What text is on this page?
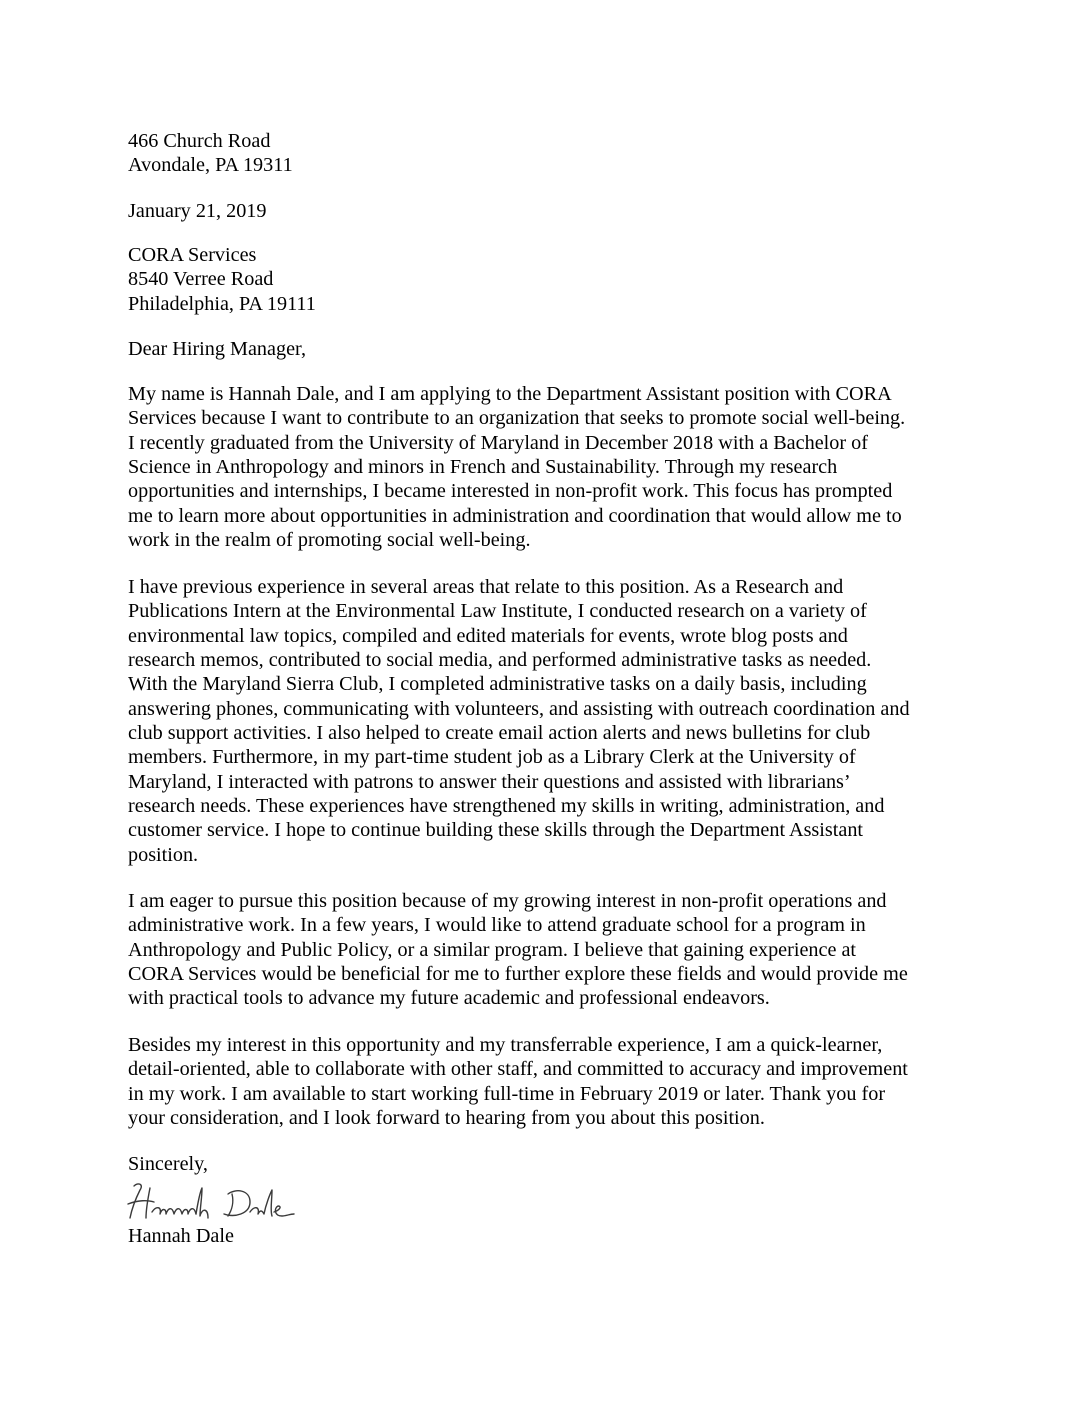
466 Church Road
Avondale, PA 19311
January 21, 2019
CORA Services
8540 Verree Road
Philadelphia, PA 19111
Dear Hiring Manager,
My name is Hannah Dale, and I am applying to the Department Assistant position with CORA
Services because I want to contribute to an organization that seeks to promote social well-being.
I recently graduated from the University of Maryland in December 2018 with a Bachelor of
Science in Anthropology and minors in French and Sustainability. Through my research
opportunities and internships, I became interested in non-profit work. This focus has prompted
me to learn more about opportunities in administration and coordination that would allow me to
work in the realm of promoting social well-being.
I have previous experience in several areas that relate to this position. As a Research and
Publications Intern at the Environmental Law Institute, I conducted research on a variety of
environmental law topics, compiled and edited materials for events, wrote blog posts and
research memos, contributed to social media, and performed administrative tasks as needed.
With the Maryland Sierra Club, I completed administrative tasks on a daily basis, including
answering phones, communicating with volunteers, and assisting with outreach coordination and
club support activities. I also helped to create email action alerts and news bulletins for club
members. Furthermore, in my part-time student job as a Library Clerk at the University of
Maryland, I interacted with patrons to answer their questions and assisted with librarians’
research needs. These experiences have strengthened my skills in writing, administration, and
customer service. I hope to continue building these skills through the Department Assistant
position.
I am eager to pursue this position because of my growing interest in non-profit operations and
administrative work. In a few years, I would like to attend graduate school for a program in
Anthropology and Public Policy, or a similar program. I believe that gaining experience at
CORA Services would be beneficial for me to further explore these fields and would provide me
with practical tools to advance my future academic and professional endeavors.
Besides my interest in this opportunity and my transferrable experience, I am a quick-learner,
detail-oriented, able to collaborate with other staff, and committed to accuracy and improvement
in my work. I am available to start working full-time in February 2019 or later. Thank you for
your consideration, and I look forward to hearing from you about this position.
Sincerely,
Hannah Dale
